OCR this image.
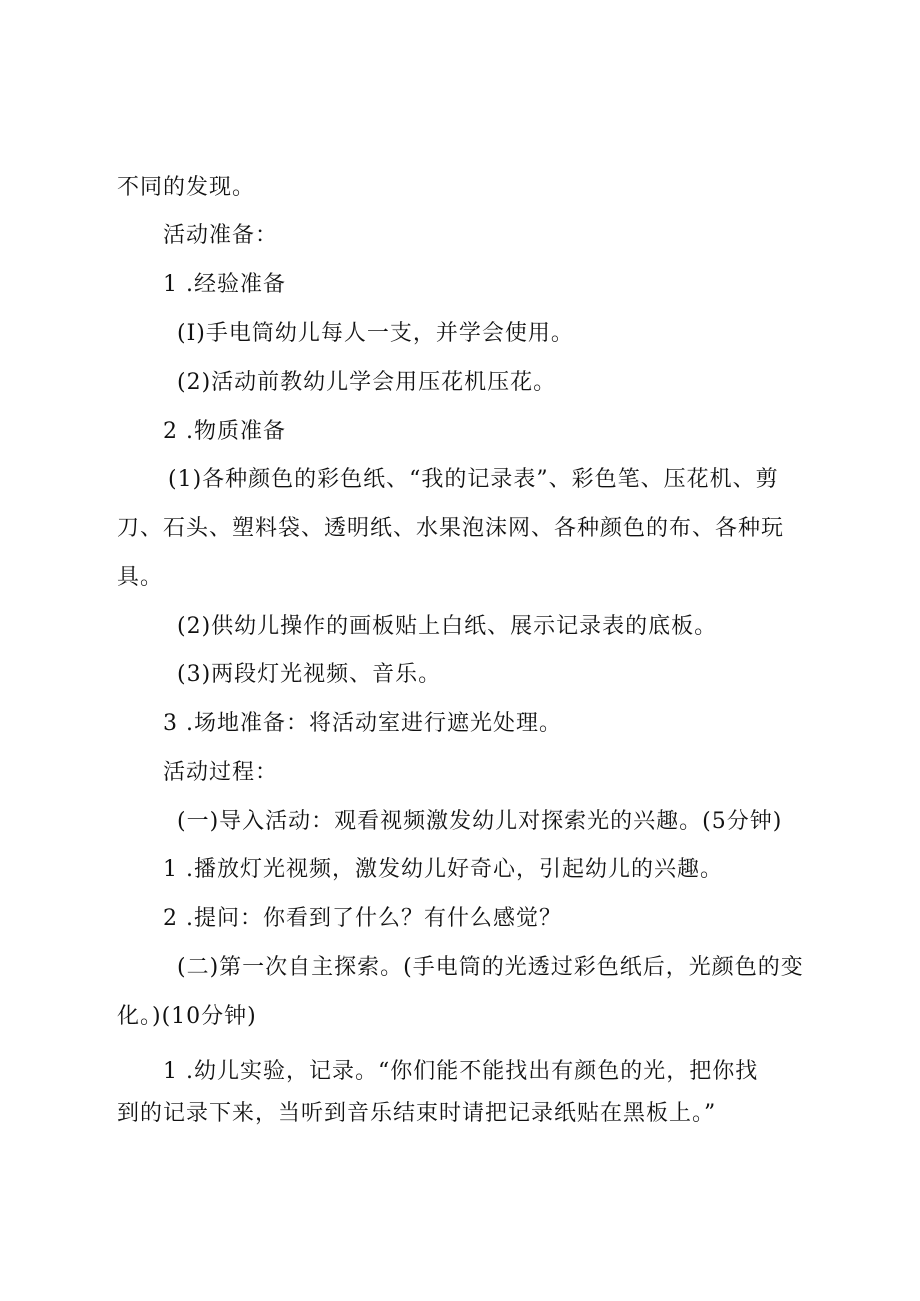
不同的发现。
活动准备：
1 .经验准备
(I)手电筒幼儿每人一支，并学会使用。
(2)活动前教幼儿学会用压花机压花。
2 .物质准备
(1)各种颜色的彩色纸、“我的记录表”、彩色笔、压花机、剪
刀、石头、塑料袋、透明纸、水果泡沫网、各种颜色的布、各种玩
具。
(2)供幼儿操作的画板贴上白纸、展示记录表的底板。
(3)两段灯光视频、音乐。
3 .场地准备：将活动室进行遮光处理。
活动过程：
(一)导入活动：观看视频激发幼儿对探索光的兴趣。(5分钟)
1 .播放灯光视频，激发幼儿好奇心，引起幼儿的兴趣。
2 .提问：你看到了什么？有什么感觉？
(二)第一次自主探索。(手电筒的光透过彩色纸后，光颜色的变
化。)(10分钟)
1 .幼儿实验，记录。“你们能不能找出有颜色的光，把你找
到的记录下来，当听到音乐结束时请把记录纸贴在黑板上。”
